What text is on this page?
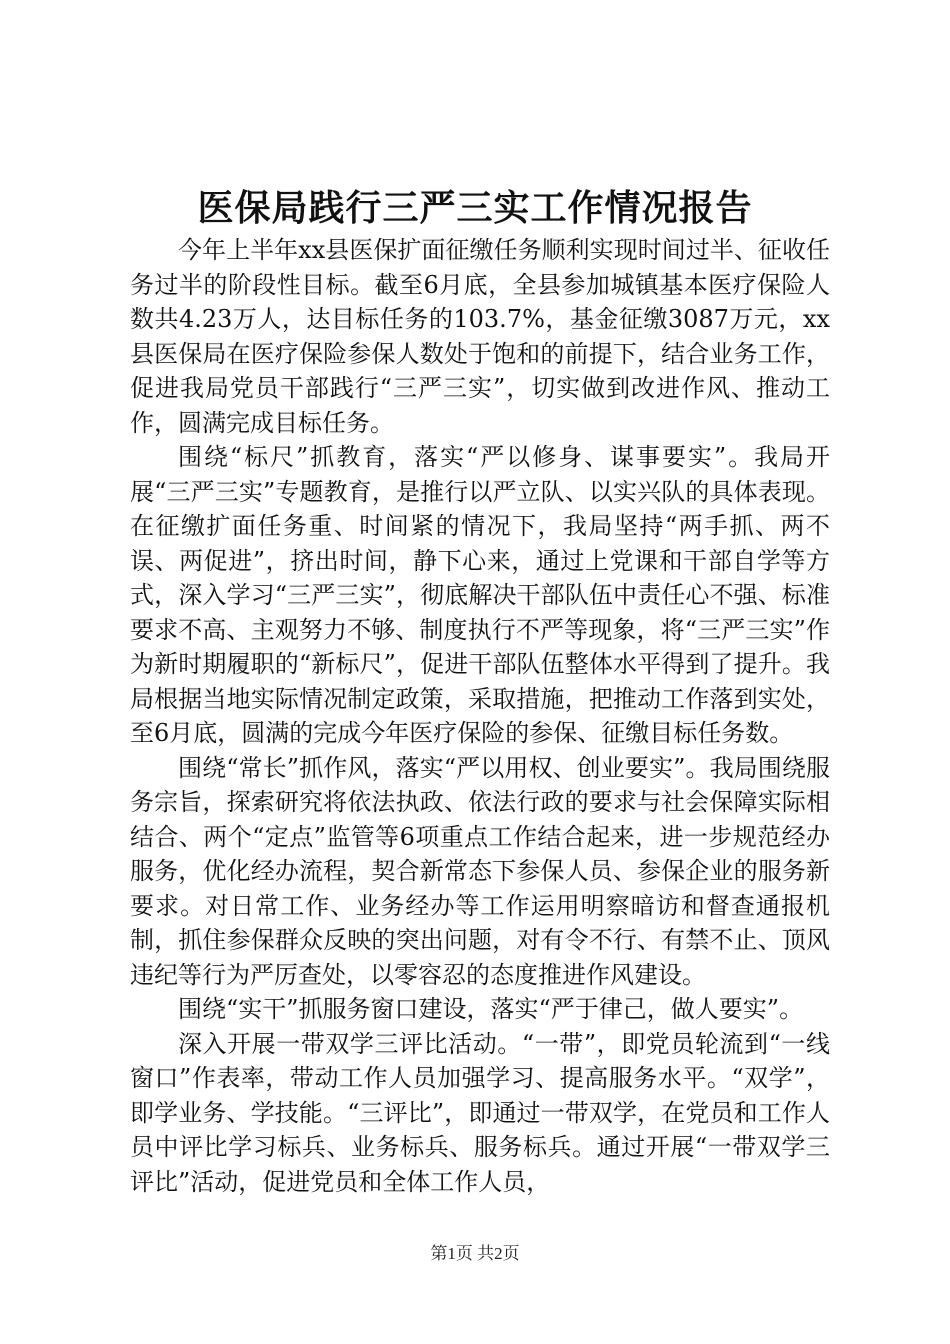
医保局践行三严三实工作情况报告

今年上半年xx县医保扩面征缴任务顺利实现时间过半、征收任务过半的阶段性目标。截至6月底，全县参加城镇基本医疗保险人数共4.23万人，达目标任务的103.7%，基金征缴3087万元，xx县医保局在医疗保险参保人数处于饱和的前提下，结合业务工作，促进我局党员干部践行“三严三实”，切实做到改进作风、推动工作，圆满完成目标任务。

围绕“标尺”抓教育，落实“严以修身、谋事要实”。我局开展“三严三实”专题教育，是推行以严立队、以实兴队的具体表现。在征缴扩面任务重、时间紧的情况下，我局坚持“两手抓、两不误、两促进”，挤出时间，静下心来，通过上党课和干部自学等方式，深入学习“三严三实”，彻底解决干部队伍中责任心不强、标准要求不高、主观努力不够、制度执行不严等现象，将“三严三实”作为新时期履职的“新标尺”，促进干部队伍整体水平得到了提升。我局根据当地实际情况制定政策，采取措施，把推动工作落到实处，至6月底，圆满的完成今年医疗保险的参保、征缴目标任务数。

围绕“常长”抓作风，落实“严以用权、创业要实”。我局围绕服务宗旨，探索研究将依法执政、依法行政的要求与社会保障实际相结合、两个“定点”监管等6项重点工作结合起来，进一步规范经办服务，优化经办流程，契合新常态下参保人员、参保企业的服务新要求。对日常工作、业务经办等工作运用明察暗访和督查通报机制，抓住参保群众反映的突出问题，对有令不行、有禁不止、顶风违纪等行为严厉查处，以零容忍的态度推进作风建设。

围绕“实干”抓服务窗口建设，落实“严于律己，做人要实”。

深入开展一带双学三评比活动。“一带”，即党员轮流到“一线窗口”作表率，带动工作人员加强学习、提高服务水平。“双学”，即学业务、学技能。“三评比”，即通过一带双学，在党员和工作人员中评比学习标兵、业务标兵、服务标兵。通过开展“一带双学三评比”活动，促进党员和全体工作人员，

第1页 共2页
